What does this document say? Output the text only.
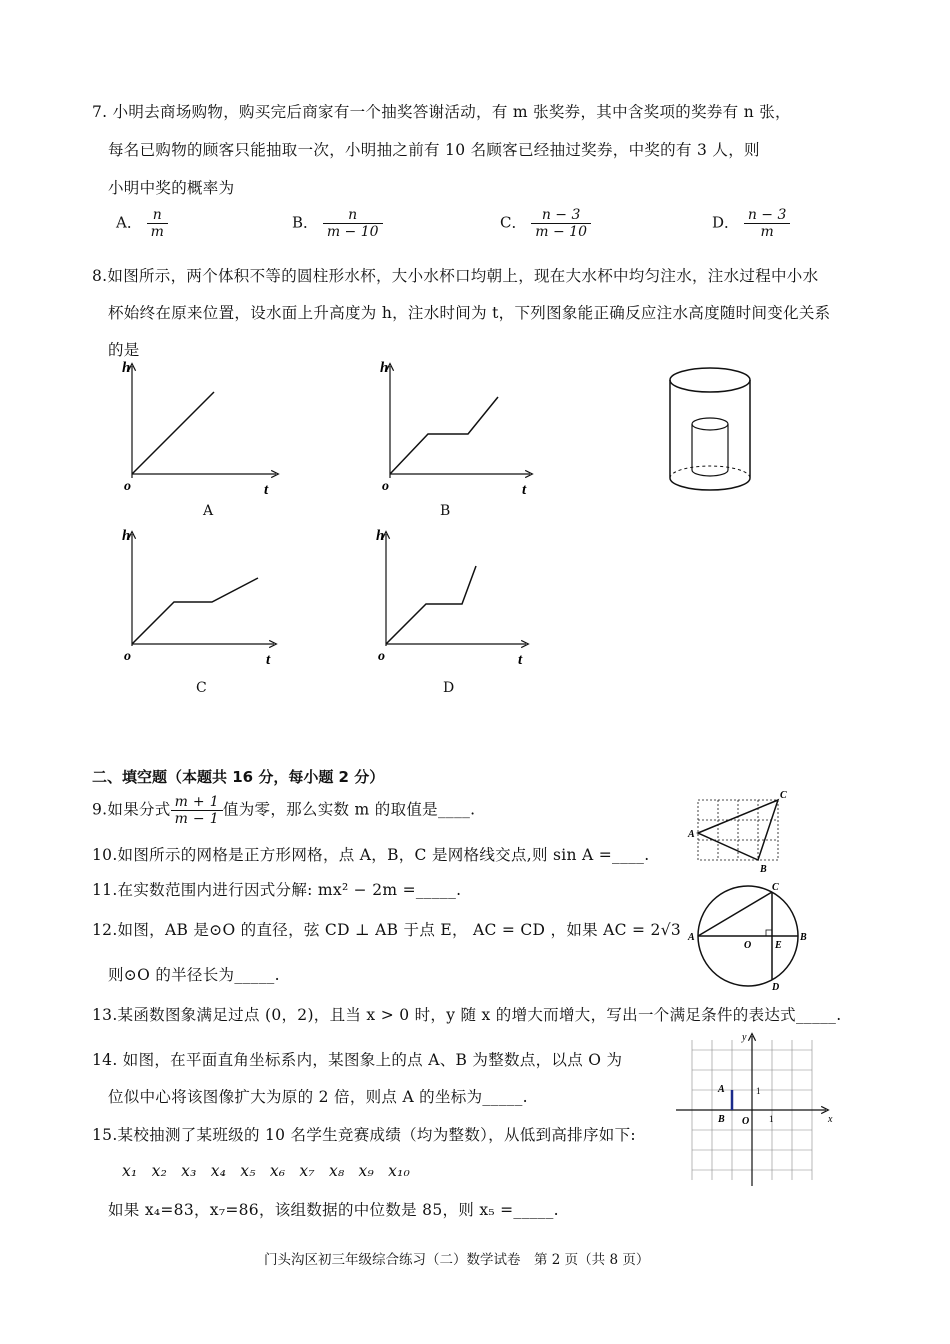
7. 小明去商场购物，购买完后商家有一个抽奖答谢活动，有 m 张奖券，其中含奖项的奖券有 n 张，
每名已购物的顾客只能抽取一次，小明抽之前有 10 名顾客已经抽过奖券，中奖的有 3 人，则
小明中奖的概率为
A． $\frac{n}{m}$	B． $\frac{n}{m - 10}$	C． $\frac{n - 3}{m - 10}$	D． $\frac{n - 3}{m}$
8.如图所示，两个体积不等的圆柱形水杯，大小水杯口均朝上，现在大水杯中均匀注水，注水过程中小水
杯始终在原来位置，设水面上升高度为 h，注水时间为 t，下列图象能正确反应注水高度随时间变化关系
的是
h
t
o
A
h
t
o
B
h
t
o
C
h
t
o
D
二、填空题（本题共 16 分，每小题 2 分）
9.如果分式 $\frac{m + 1}{m - 1}$ 值为零，那么实数 m 的取值是____.
A
B
C
10.如图所示的网格是正方形网格，点 A，B，C 是网格线交点,则 sin A =____.
11.在实数范围内进行因式分解: mx² − 2m =_____.
A	B
C
D
O E
12.如图，AB 是⊙O 的直径，弦 CD ⊥ AB 于点 E， AC = CD ，如果 AC = 2√3
则⊙O 的半径长为_____.
13.某函数图象满足过点 (0，2)，且当 x > 0 时，y 随 x 的增大而增大，写出一个满足条件的表达式_____.
y
x
A
B O 1
1
14. 如图，在平面直角坐标系内，某图象上的点 A、B 为整数点，以点 O 为
位似中心将该图像扩大为原的 2 倍，则点 A 的坐标为_____.
15.某校抽测了某班级的 10 名学生竞赛成绩（均为整数），从低到高排序如下:
x₁ x₂ x₃ x₄ x₅ x₆ x₇ x₈ x₉ x₁₀
如果 x₄=83，x₇=86，该组数据的中位数是 85，则 x₅ =_____.
门头沟区初三年级综合练习（二）数学试卷　第 2 页（共 8 页）
